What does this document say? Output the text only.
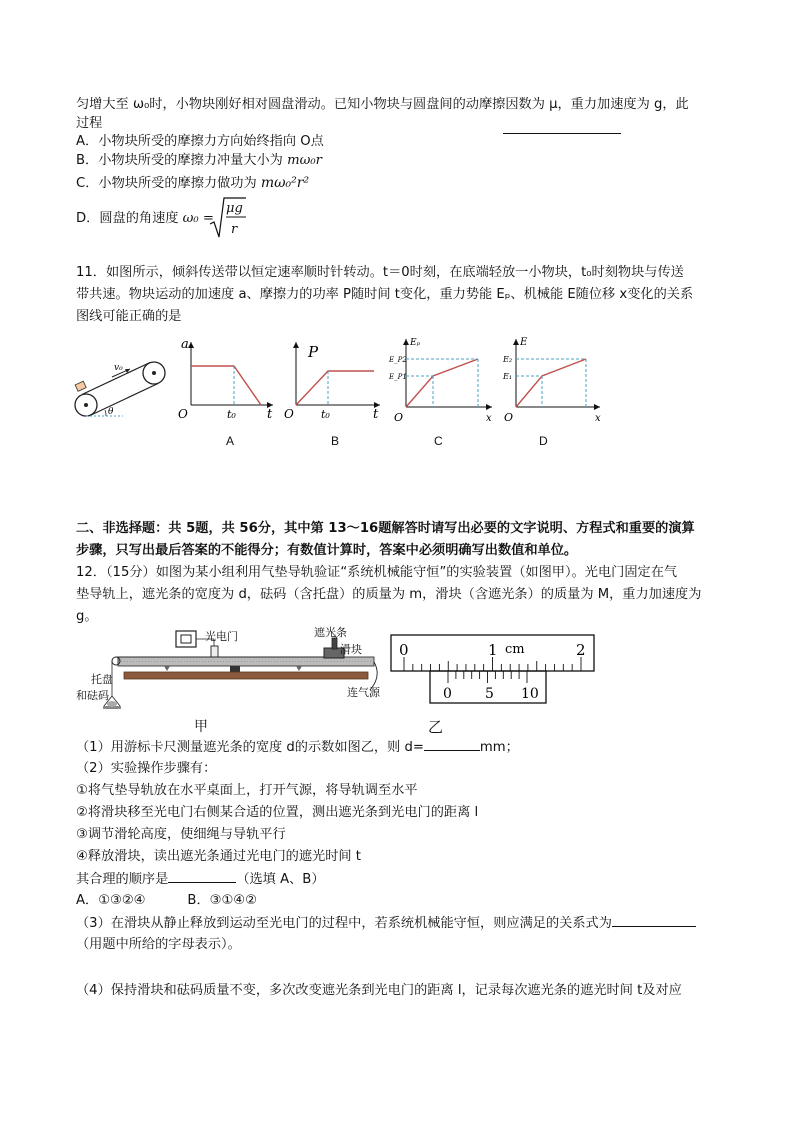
匀增大至 ω₀时，小物块刚好相对圆盘滑动。已知小物块与圆盘间的动摩擦因数为 μ，重力加速度为 g，此
过程
A．小物块所受的摩擦力方向始终指向 O点
B．小物块所受的摩擦力冲量大小为 mω₀r
C．小物块所受的摩擦力做功为 mω₀²r²
D．圆盘的角速度 ω₀ =
μg
r
11．如图所示，倾斜传送带以恒定速率顺时针转动。t＝0时刻，在底端轻放一小物块，t₀时刻物块与传送
带共速。物块运动的加速度 a、摩擦力的功率 P随时间 t变化，重力势能 Eₚ、机械能 E随位移 x变化的关系
图线可能正确的是
v₀
θ
a
t
O	t₀
A
P
t
O t₀
B
Eₚ
E_P2
E_P1
x
O
C
E
E₂
E₁
x
O
D
二、非选择题：共 5题，共 56分，其中第 13～16题解答时请写出必要的文字说明、方程式和重要的演算
步骤，只写出最后答案的不能得分；有数值计算时，答案中必须明确写出数值和单位。
12．（15分）如图为某小组利用气垫导轨验证“系统机械能守恒”的实验装置（如图甲）。光电门固定在气
垫导轨上，遮光条的宽度为 d，砝码（含托盘）的质量为 m，滑块（含遮光条）的质量为 M，重力加速度为
g。
光电门	遮光条
滑块
托盘
和砝码	连气源
甲
0	1 cm	2
0 5 10
乙
（1）用游标卡尺测量遮光条的宽度 d的示数如图乙，则 d=	mm；
（2）实验操作步骤有：
①将气垫导轨放在水平桌面上，打开气源，将导轨调至水平
②将滑块移至光电门右侧某合适的位置，测出遮光条到光电门的距离 l
③调节滑轮高度，使细绳与导轨平行
④释放滑块，读出遮光条通过光电门的遮光时间 t
其合理的顺序是	（选填 A、B）
A．①③②④          B．③①④②
（3）在滑块从静止释放到运动至光电门的过程中，若系统机械能守恒，则应满足的关系式为
（用题中所给的字母表示）。
（4）保持滑块和砝码质量不变，多次改变遮光条到光电门的距离 l，记录每次遮光条的遮光时间 t及对应
